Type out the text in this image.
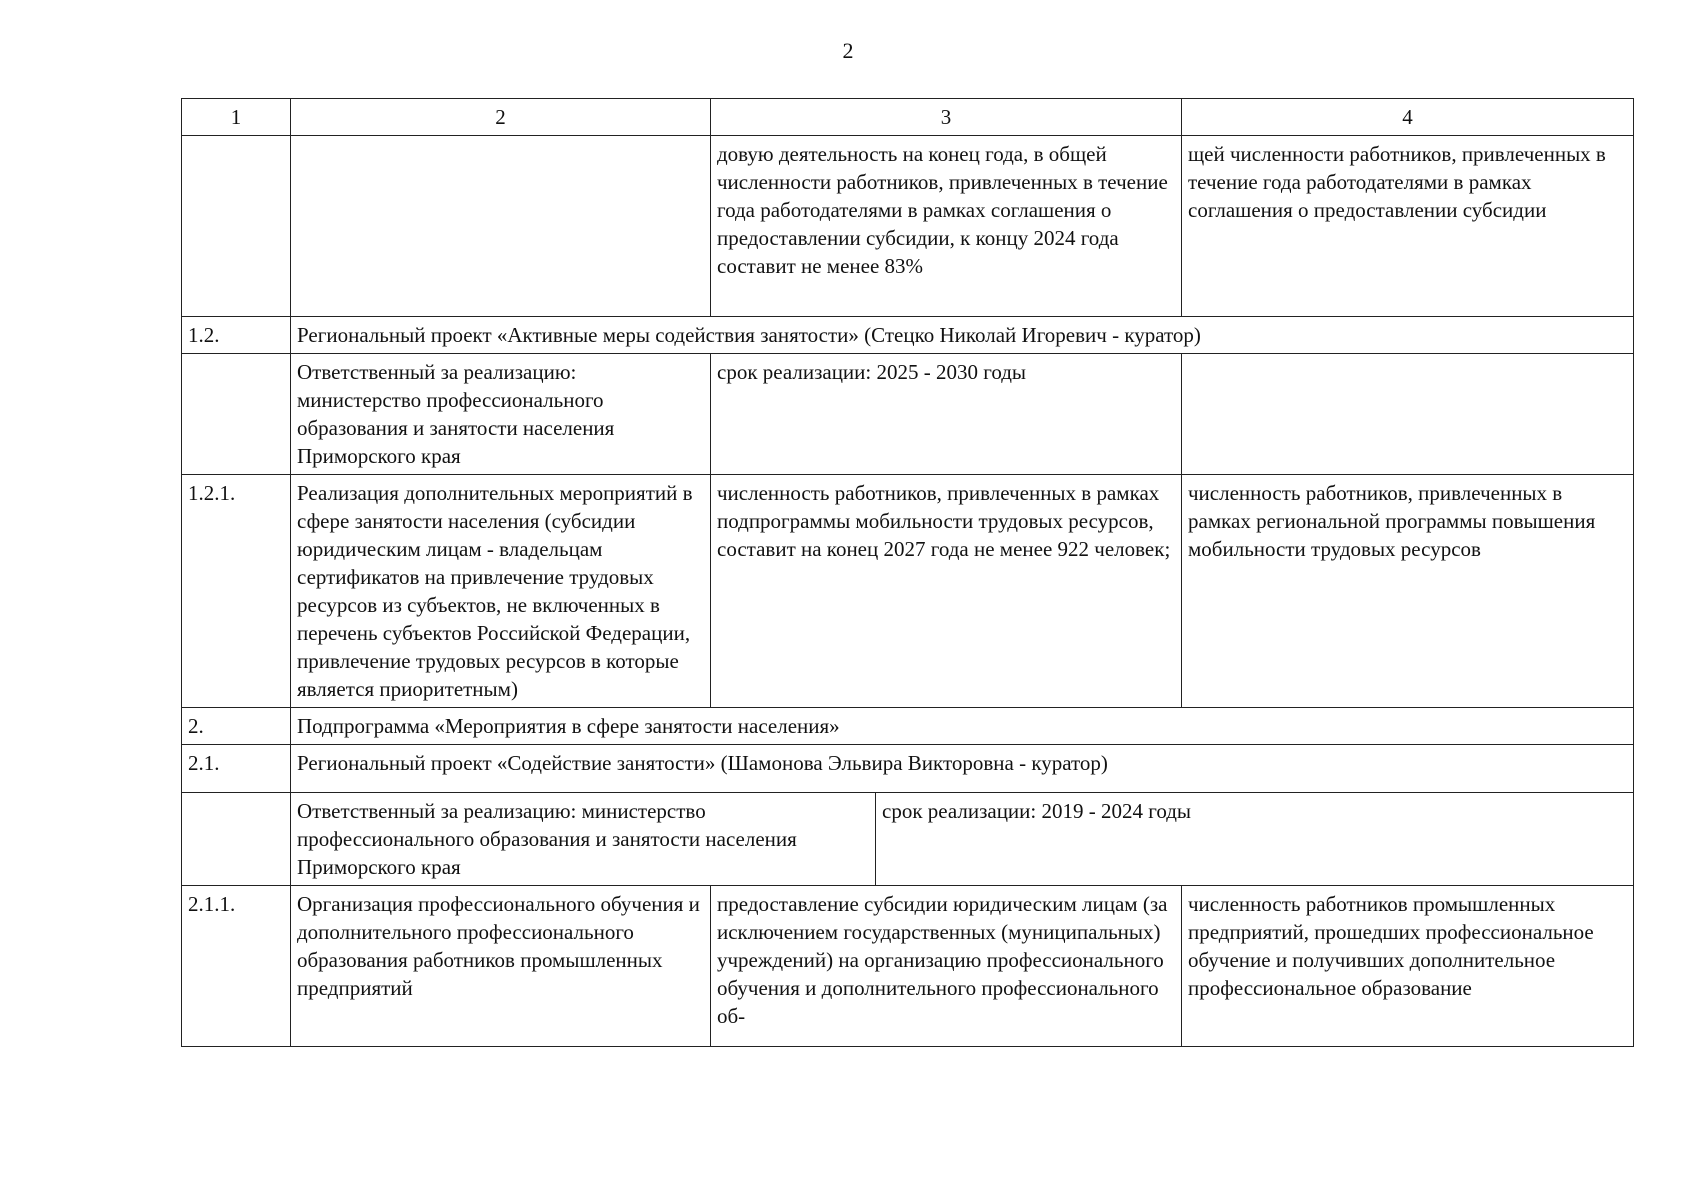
2
1	2	3		4
		довую деятельность на конец года, в общей численности работников, привлеченных в течение года работодателями в рамках соглашения о предоставлении субсидии, к концу 2024 года составит не менее 83%		щей численности работников, привлеченных в течение года работодателями в рамках соглашения о предоставлении субсидии
1.2.	Региональный проект «Активные меры содействия занятости» (Стецко Николай Игоревич - куратор)			
	Ответственный за реализацию: министерство профессионального образования и занятости населения Приморского края	срок реализации: 2025 - 2030 годы		
1.2.1.	Реализация дополнительных мероприятий в сфере занятости населения (субсидии юридическим лицам - владельцам сертификатов на привлечение трудовых ресурсов из субъектов, не включенных в перечень субъектов Российской Федерации, привлечение трудовых ресурсов в которые является приоритетным)	численность работников, привлеченных в рамках подпрограммы мобильности трудовых ресурсов, составит на конец 2027 года не менее 922 человек;		численность работников, привлеченных в рамках региональной программы повышения мобильности трудовых ресурсов
2.	Подпрограмма «Мероприятия в сфере занятости населения»			
2.1.	Региональный проект «Содействие занятости» (Шамонова Эльвира Викторовна - куратор)			
	Ответственный за реализацию: министерство профессионального образования и занятости населения Приморского края		срок реализации: 2019 - 2024 годы	
2.1.1.	Организация профессионального обучения и дополнительного профессионального образования работников промышленных предприятий	предоставление субсидии юридическим лицам (за исключением государственных (муниципальных) учреждений) на организацию профессионального обучения и дополнительного профессионального об-		численность работников промышленных предприятий, прошедших профессиональное обучение и получивших дополнительное профессиональное образование
